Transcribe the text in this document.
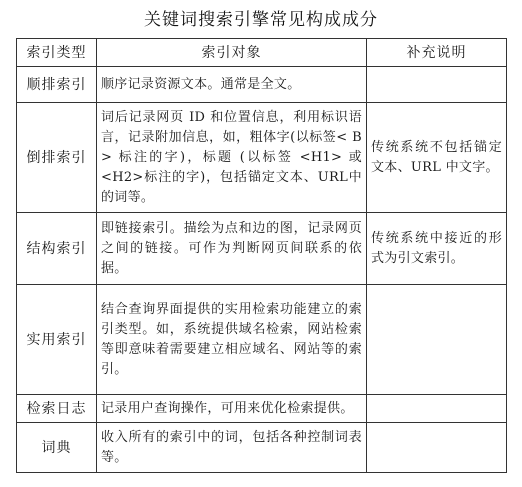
关键词搜索引擎常见构成成分
索引类型	索引对象	补充说明
顺排索引	顺序记录资源文本。通常是全文。	
倒排索引	词后记录网页 ID 和位置信息，利用标识语言，记录附加信息，如，粗体字(以标签< B > 标注的字)，标题 (以标签 <H1> 或 <H2>标注的字)，包括锚定文本、URL中的词等。	传统系统不包括锚定文本、URL 中文字。
结构索引	即链接索引。描绘为点和边的图，记录网页之间的链接。可作为判断网页间联系的依据。	传统系统中接近的形式为引文索引。
实用索引	结合查询界面提供的实用检索功能建立的索引类型。如，系统提供域名检索，网站检索等即意味着需要建立相应域名、网站等的索引。	
检索日志	记录用户查询操作，可用来优化检索提供。	
词典	收入所有的索引中的词，包括各种控制词表等。	
